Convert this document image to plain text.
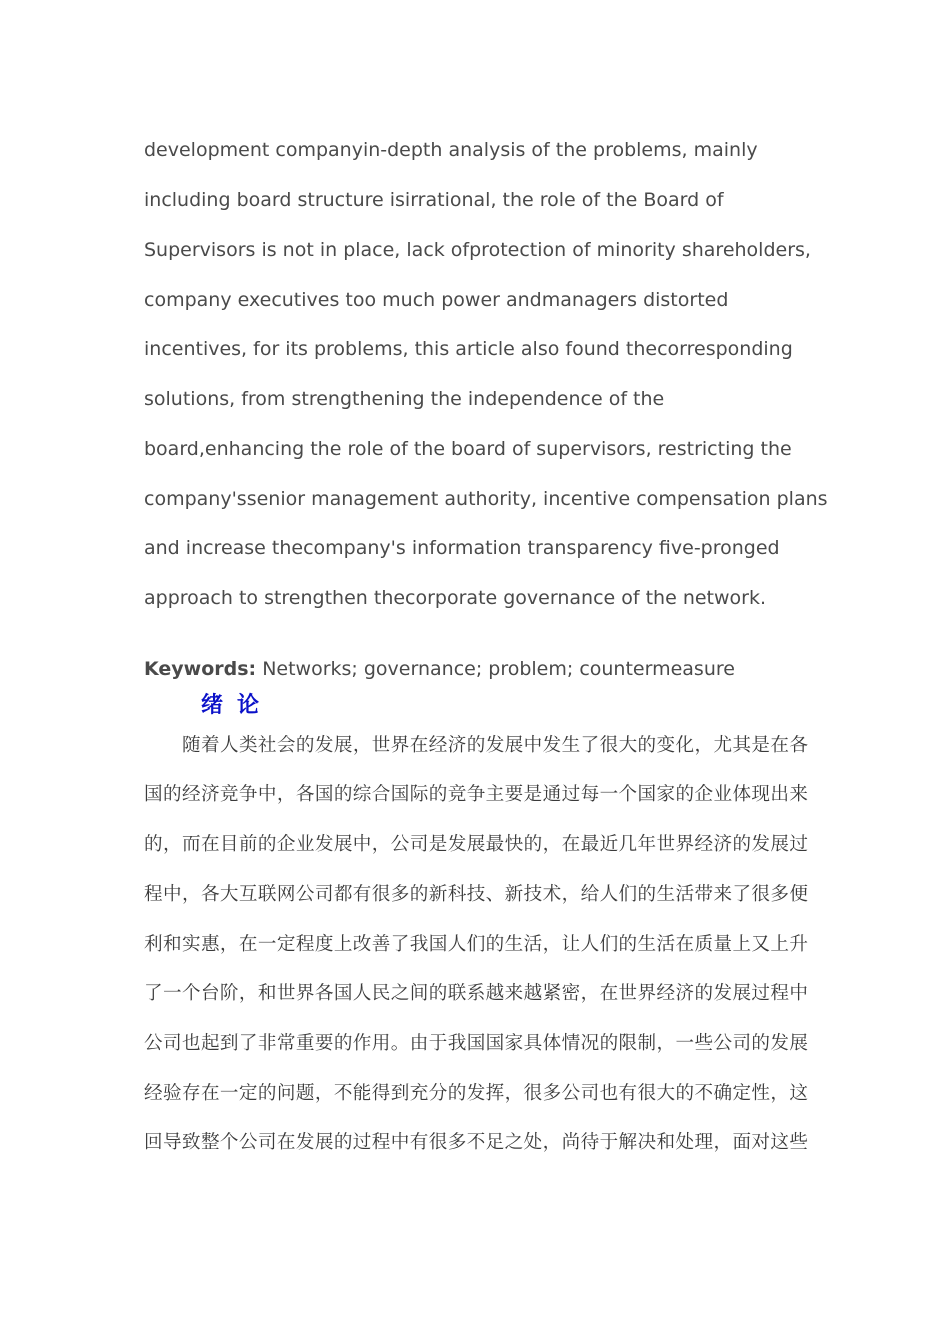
development companyin-depth analysis of the problems, mainly
including board structure isirrational, the role of the Board of
Supervisors is not in place, lack ofprotection of minority shareholders,
company executives too much power andmanagers distorted
incentives, for its problems, this article also found thecorresponding
solutions, from strengthening the independence of the
board,enhancing the role of the board of supervisors, restricting the
company'ssenior management authority, incentive compensation plans
and increase thecompany's information transparency five-pronged
approach to strengthen thecorporate governance of the network.
Keywords: Networks; governance; problem; countermeasure
绪论
随着人类社会的发展，世界在经济的发展中发生了很大的变化，尤其是在各
国的经济竞争中，各国的综合国际的竞争主要是通过每一个国家的企业体现出来
的，而在目前的企业发展中，公司是发展最快的，在最近几年世界经济的发展过
程中，各大互联网公司都有很多的新科技、新技术，给人们的生活带来了很多便
利和实惠，在一定程度上改善了我国人们的生活，让人们的生活在质量上又上升
了一个台阶，和世界各国人民之间的联系越来越紧密，在世界经济的发展过程中
公司也起到了非常重要的作用。由于我国国家具体情况的限制，一些公司的发展
经验存在一定的问题，不能得到充分的发挥，很多公司也有很大的不确定性，这
回导致整个公司在发展的过程中有很多不足之处，尚待于解决和处理，面对这些
